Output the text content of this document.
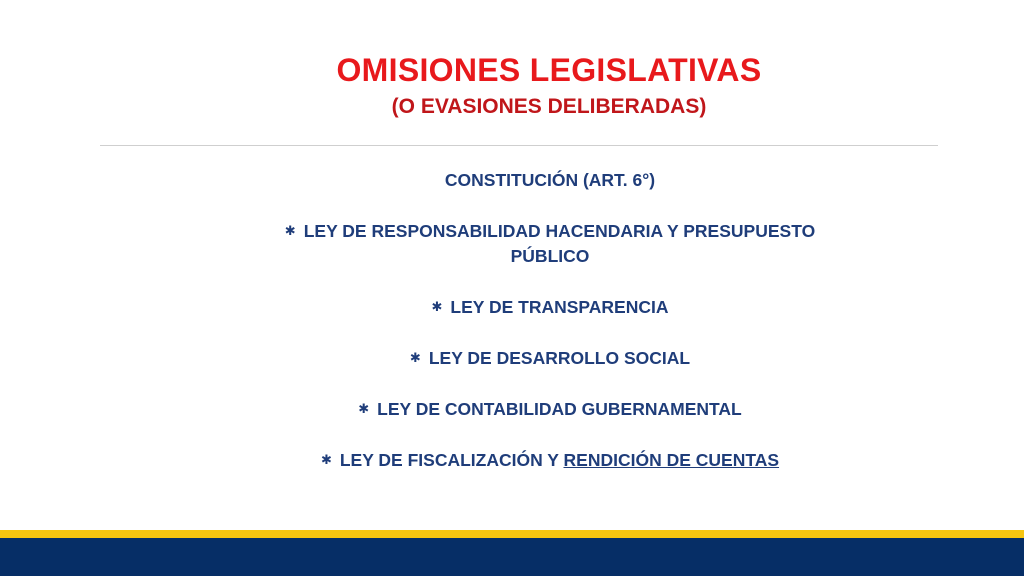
OMISIONES LEGISLATIVAS
(O EVASIONES DELIBERADAS)

CONSTITUCIÓN (ART. 6°)

✱ LEY DE RESPONSABILIDAD HACENDARIA Y PRESUPUESTO PÚBLICO

✱ LEY DE TRANSPARENCIA

✱ LEY DE DESARROLLO SOCIAL

✱ LEY DE CONTABILIDAD GUBERNAMENTAL

✱ LEY DE FISCALIZACIÓN Y RENDICIÓN DE CUENTAS
